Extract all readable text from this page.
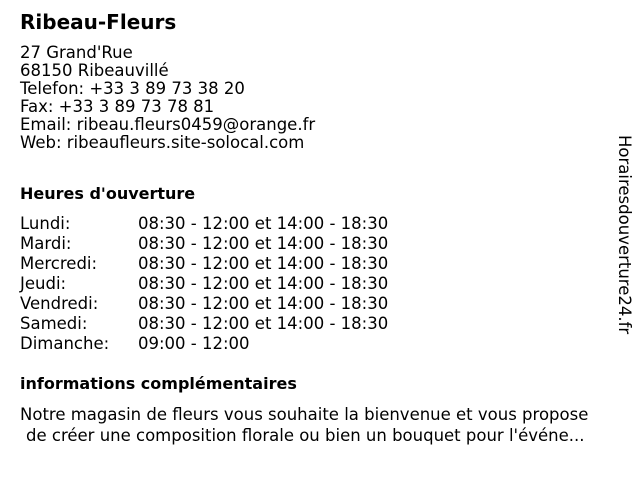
Ribeau-Fleurs
27 Grand'Rue
68150 Ribeauvillé
Telefon: +33 3 89 73 38 20
Fax: +33 3 89 73 78 81
Email: ribeau.fleurs0459@orange.fr
Web: ribeaufleurs.site-solocal.com
Heures d'ouverture
Lundi:	08:30 - 12:00 et 14:00 - 18:30
Mardi:	08:30 - 12:00 et 14:00 - 18:30
Mercredi: 08:30 - 12:00 et 14:00 - 18:30
Jeudi:	08:30 - 12:00 et 14:00 - 18:30
Vendredi: 08:30 - 12:00 et 14:00 - 18:30
Samedi:	08:30 - 12:00 et 14:00 - 18:30
Dimanche: 09:00 - 12:00
informations complémentaires
Notre magasin de fleurs vous souhaite la bienvenue et vous propose
de créer une composition florale ou bien un bouquet pour l'événe...
Horairesdouverture24.fr
